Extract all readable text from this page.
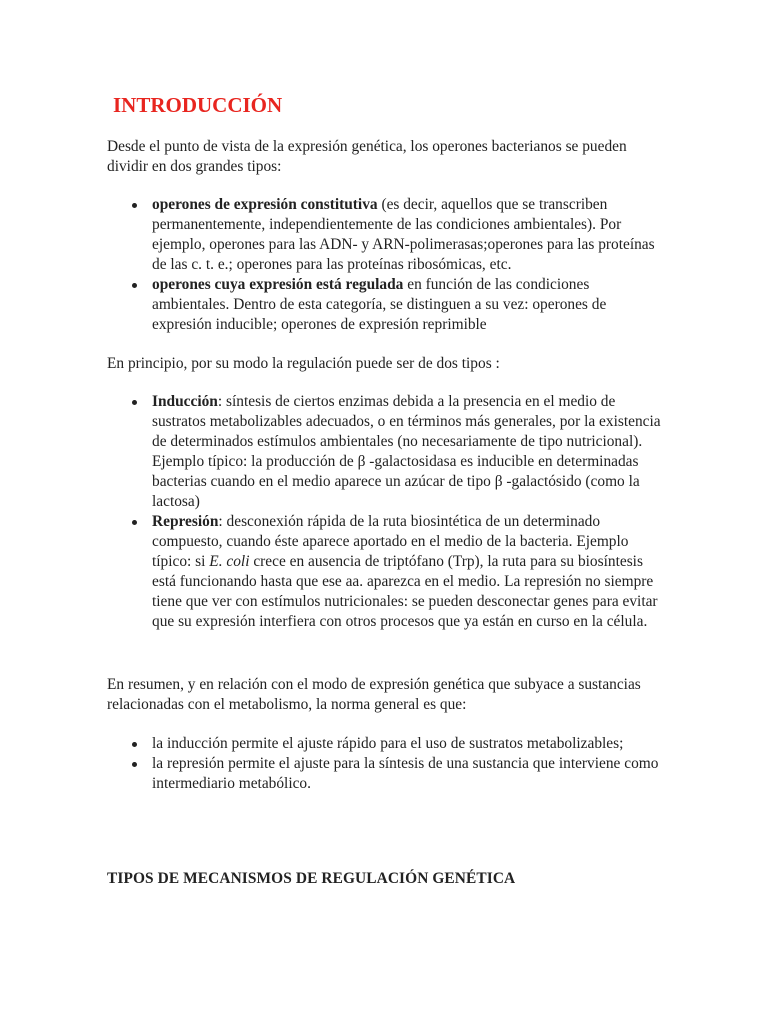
INTRODUCCIÓN

Desde el punto de vista de la expresión genética, los operones bacterianos se pueden dividir en dos grandes tipos:

operones de expresión constitutiva (es decir, aquellos que se transcriben permanentemente, independientemente de las condiciones ambientales). Por ejemplo, operones para las ADN- y ARN-polimerasas;operones para las proteínas de las c. t. e.; operones para las proteínas ribosómicas, etc.
operones cuya expresión está regulada en función de las condiciones ambientales. Dentro de esta categoría, se distinguen a su vez: operones de expresión inducible; operones de expresión reprimible

En principio, por su modo la regulación puede ser de dos tipos :

Inducción: síntesis de ciertos enzimas debida a la presencia en el medio de sustratos metabolizables adecuados, o en términos más generales, por la existencia de determinados estímulos ambientales (no necesariamente de tipo nutricional). Ejemplo típico: la producción de β -galactosidasa es inducible en determinadas bacterias cuando en el medio aparece un azúcar de tipo β -galactósido (como la lactosa)
Represión: desconexión rápida de la ruta biosintética de un determinado compuesto, cuando éste aparece aportado en el medio de la bacteria. Ejemplo típico: si E. coli crece en ausencia de triptófano (Trp), la ruta para su biosíntesis está funcionando hasta que ese aa. aparezca en el medio. La represión no siempre tiene que ver con estímulos nutricionales: se pueden desconectar genes para evitar que su expresión interfiera con otros procesos que ya están en curso en la célula.

En resumen, y en relación con el modo de expresión genética que subyace a sustancias relacionadas con el metabolismo, la norma general es que:

la inducción permite el ajuste rápido para el uso de sustratos metabolizables;
la represión permite el ajuste para la síntesis de una sustancia que interviene como intermediario metabólico.
TIPOS DE MECANISMOS DE REGULACIÓN GENÉTICA
